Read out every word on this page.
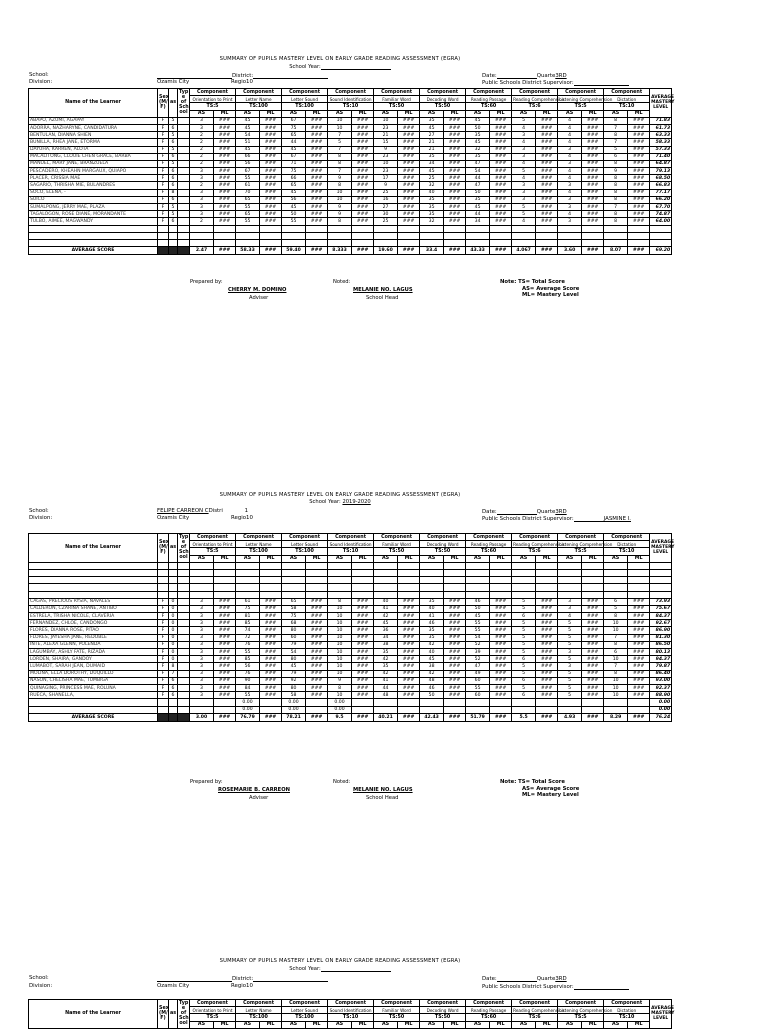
SUMMARY OF PUPILS MASTERY LEVEL ON EARLY GRADE READING ASSESSMENT (EGRA)
School Year:
School:	District:
Division:	Ozamis City	Regio10
Date:	Quarte3RD
Public Schools District Supervisor:
Name of the Learner	Sex (M/ F)	as	Typ e of Sch ool	Component		Component		Component		Component		Component		Component		Component		Component		Component		Component		AVERAGE MASTERY LEVEL
				Orientation to Print		Letter Name		Letter Sound		Sound Identification		Familiar Word		Decoding Word		Reading Passage		Reading Comprehension		Listening Comprehension		Dictation		
				TS:5		TS:100		TS:100		TS:10		TS:50		TS:50		TS:60		TS:6		TS:5		TS:10		
				AS	ML	AS	ML	AS	ML	AS	ML	AS	ML	AS	ML	AS	ML	AS	ML	AS	ML	AS	ML	
ABAPO, AZUMI, AGAPAY	F	5		3	###	45	###	67	###	10	###	10	###	35	###	45	###	5	###	4	###	8	###	71.83
ADORRA, NAZHARYNE, CANDIDATURA	F	6		3	###	45	###	75	###	10	###	23	###	45	###	50	###	4	###	4	###	7	###	61.73
BENTULAN, DIANNA SHIEN	F	5		2	###	54	###	65	###	7	###	21	###	27	###	35	###	3	###	4	###	8	###	63.33
BUNILLA, RHEA JANE, ETORMA	F	6		2	###	51	###	44	###	5	###	15	###	21	###	45	###	4	###	4	###	7	###	58.33
DAYUHA, KARREN, ALOTA	F	5		2	###	45	###	45	###	7	###	9	###	21	###	32	###	3	###	3	###	5	###	57.33
MACALITONG, CLOUIE CHEN GRACE, BARBA	F	6		2	###	66	###	67	###	8	###	23	###	35	###	35	###	3	###	4	###	6	###	71.40
MANUEL, MARY JANE, BRANZUELA	F	5		2	###	56	###	71	###	8	###	10	###	34	###	47	###	4	###	3	###	8	###	64.87
PESCADERO, KHEAHN MARGAUX, QUIAPO	F	6		3	###	67	###	75	###	7	###	23	###	45	###	54	###	5	###	4	###	9	###	79.13
PLACER, CRISSIA MAE	F	6		3	###	55	###	66	###	9	###	17	###	25	###	44	###	4	###	4	###	8	###	68.50
SAGARIO, THRISHA MIE, BULANDRES	F	6		2	###	61	###	65	###	8	###	9	###	32	###	47	###	3	###	3	###	8	###	66.83
SOCO, ELENA, -	F	8		3	###	70	###	45	###	10	###	25	###	40	###	50	###	3	###	4	###	8	###	77.17
SUICO	F	6		3	###	65	###	56	###	10	###	16	###	35	###	35	###	3	###	3	###	8	###	66.20
SUMALPONG, JERRY MAE, PLAZA	F	5		3	###	55	###	45	###	9	###	27	###	35	###	45	###	5	###	3	###	7	###	67.70
TAGALOGON, ROSE DIANE, MORANDANTE	F	5		3	###	65	###	50	###	9	###	30	###	35	###	44	###	5	###	4	###	8	###	74.87
TULBO, AIMEE, MAGWANDY	F	6		2	###	55	###	55	###	8	###	25	###	32	###	34	###	4	###	3	###	8	###	64.00

AVERAGE SCORE				2.47	###	58.33	###	59.40	###	8.333	###	19.60	###	33.4	###	43.33	###	4.067	###	3.60	###	8.07	###	69.20
Prepared by:
CHERRY M. DOMINO
Adviser
Noted:
MELANIE NO. LAGUS
School Head
Note: TS= Total Score
AS= Average Score
ML= Mastery Level
SUMMARY OF PUPILS MASTERY LEVEL ON EARLY GRADE READING ASSESSMENT (EGRA)
School Year: 2019-2020
School:	FELIPE CARREON CDistri	1
Division:	Ozamis City	Regio10
Date:	Quarte3RD
Public Schools District Supervisor:	JASMINE I.
Name of the Learner	Sex (M/ F)	as	Typ e of Sch ool	Component		Component		Component		Component		Component		Component		Component		Component		Component		Component		AVERAGE MASTERY LEVEL
				Orientation to Print		Letter Name		Letter Sound		Sound Identification		Familiar Word		Decoding Word		Reading Passage		Reading Comprehension		Listening Comprehension		Dictation		
				TS:5		TS:100		TS:100		TS:10		TS:50		TS:50		TS:60		TS:6		TS:5		TS:10		
				AS	ML	AS	ML	AS	ML	AS	ML	AS	ML	AS	ML	AS	ML	AS	ML	AS	ML	AS	ML	

CAGAS, PRECIOUS RYSIA, NAVALES	F	0		3	###	61	###	65	###	8	###	40	###	35	###	46	###	5	###	3	###	6	###	73.93
CALDERON, CZARINA SHANE, ANTIBO	F	0		3	###	75	###	58	###	10	###	41	###	40	###	50	###	5	###	3	###	5	###	75.67
ESTRELA, TRISHA NICOLE, CLAVERIA	F	0		3	###	81	###	75	###	10	###	42	###	41	###	45	###	6	###	4	###	8	###	84.37
FERNANDEZ, CHLOE, CANDONGO	F	0		3	###	85	###	68	###	10	###	45	###	46	###	55	###	5	###	5	###	10	###	92.67
FLORES, DIANNA ROSE, PITAO	F	0		3	###	74	###	80	###	10	###	36	###	35	###	55	###	5	###	5	###	10	###	86.90
FLORES, JAYESHA JANE, REDOBLE	F	0		3	###	72	###	60	###	10	###	34	###	35	###	54	###	5	###	5	###	7	###	81.30
INTE, ALEXA GLENN, POLENDA	F	0		3	###	76	###	79	###	10	###	38	###	42	###	52	###	5	###	5	###	8	###	86.50
LAGUMBAY, ASHLY FATE, RIZADA	F	0		3	###	55	###	54	###	10	###	35	###	40	###	39	###	5	###	3	###	6	###	80.13
LORDEN, SHAIRA, GANDOY	F	0		3	###	85	###	80	###	10	###	42	###	45	###	52	###	6	###	5	###	10	###	94.37
LUMABOT, SARAH JEAN, DUMAID	F	8		3	###	56	###	45	###	10	###	35	###	38	###	47	###	5	###	3	###	7	###	79.87
MOLINA, ELLA DOROTHY, DUQUILLO	F	7		3	###	76	###	79	###	10	###	42	###	42	###	49	###	5	###	5	###	8	###	86.40
NASON, CHELISHA MAE, TUMBIGA	F	6		3	###	90	###	92	###	9	###	41	###	48	###	60	###	6	###	5	###	10	###	93.00
QUINAGING, PRINCESS MAE, ROLUNA	F	6		3	###	84	###	80	###	8	###	44	###	46	###	55	###	5	###	5	###	10	###	92.37
RUECA, SHANELLA,	F	6		3	###	55	###	58	###	10	###	48	###	50	###	60	###	6	###	5	###	10	###	88.90
						0.00		0.00		0.00														0.00
						0.00		0.00		0.00														0.00
AVERAGE SCORE				3.00	###	76.79	###	78.21	###	9.5	###	40.21	###	42.43	###	51.79	###	5.5	###	4.93	###	8.29	###	76.24
Prepared by:
ROSEMARIE B. CARREON
Adviser
Noted:
MELANIE NO. LAGUS
School Head
Note: TS= Total Score
AS= Average Score
ML= Mastery Level
SUMMARY OF PUPILS MASTERY LEVEL ON EARLY GRADE READING ASSESSMENT (EGRA)
School Year:
School:	District:
Division:	Ozamis City	Regio10
Date:	Quarte3RD
Public Schools District Supervisor:
Name of the Learner	Sex (M/ F)	as	Typ e of Sch ool	Component		Component		Component		Component		Component		Component		Component		Component		Component		Component		AVERAGE MASTERY LEVEL
				Orientation to Print		Letter Name		Letter Sound		Sound Identification		Familiar Word		Decoding Word		Reading Passage		Reading Comprehension		Listening Comprehension		Dictation		
				TS:5		TS:100		TS:100		TS:10		TS:50		TS:50		TS:60		TS:6		TS:5		TS:10		
				AS	ML	AS	ML	AS	ML	AS	ML	AS	ML	AS	ML	AS	ML	AS	ML	AS	ML	AS	ML	
